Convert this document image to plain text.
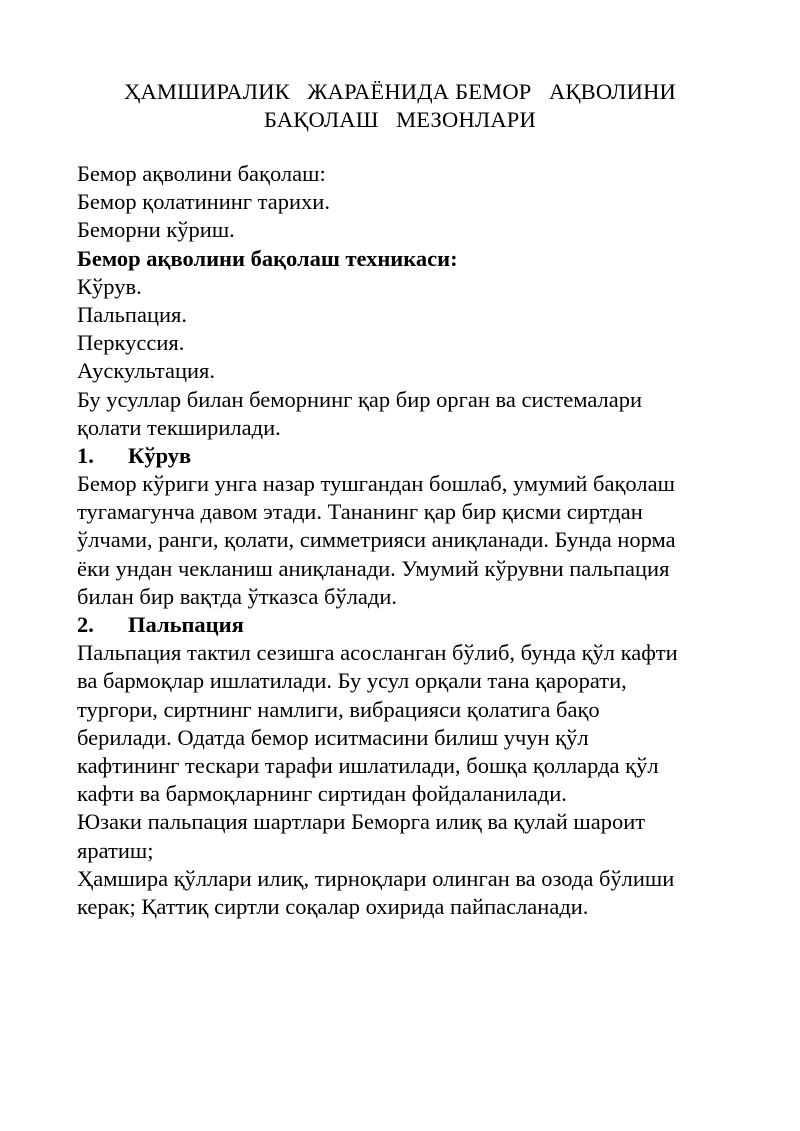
ҲАМШИРАЛИК   ЖАРАЁНИДА БЕМОР   АҚВОЛИНИ
БАҚОЛАШ   МЕЗОНЛАРИ
Бемор ақволини бақолаш:
Бемор қолатининг тарихи.
Беморни кўриш.
Бемор ақволини бақолаш техникаси:
Кўрув.
Пальпация.
Перкуссия.
Аускультация.
Бу усуллар билан беморнинг қар бир орган ва системалари
қолати текширилади.
1. Кўрув
Бемор кўриги унга назар тушгандан бошлаб, умумий бақолаш
тугамагунча давом этади. Тананинг қар бир қисми сиртдан
ўлчами, ранги, қолати, симметрияси аниқланади. Бунда норма
ёки ундан чекланиш аниқланади. Умумий кўрувни пальпация
билан бир вақтда ўтказса бўлади.
2. Пальпация
Пальпация тактил сезишга асосланган бўлиб, бунда қўл кафти
ва бармоқлар ишлатилади. Бу усул орқали тана қарорати,
тургори, сиртнинг намлиги, вибрацияси қолатига бақо
берилади. Одатда бемор иситмасини билиш учун қўл
кафтининг тескари тарафи ишлатилади, бошқа қолларда қўл
кафти ва бармоқларнинг сиртидан фойдаланилади.
Юзаки пальпация шартлари Беморга илиқ ва қулай шароит
яратиш;
Ҳамшира қўллари илиқ, тирноқлари олинган ва озода бўлиши
керак; Қаттиқ сиртли соқалар охирида пайпасланади.
